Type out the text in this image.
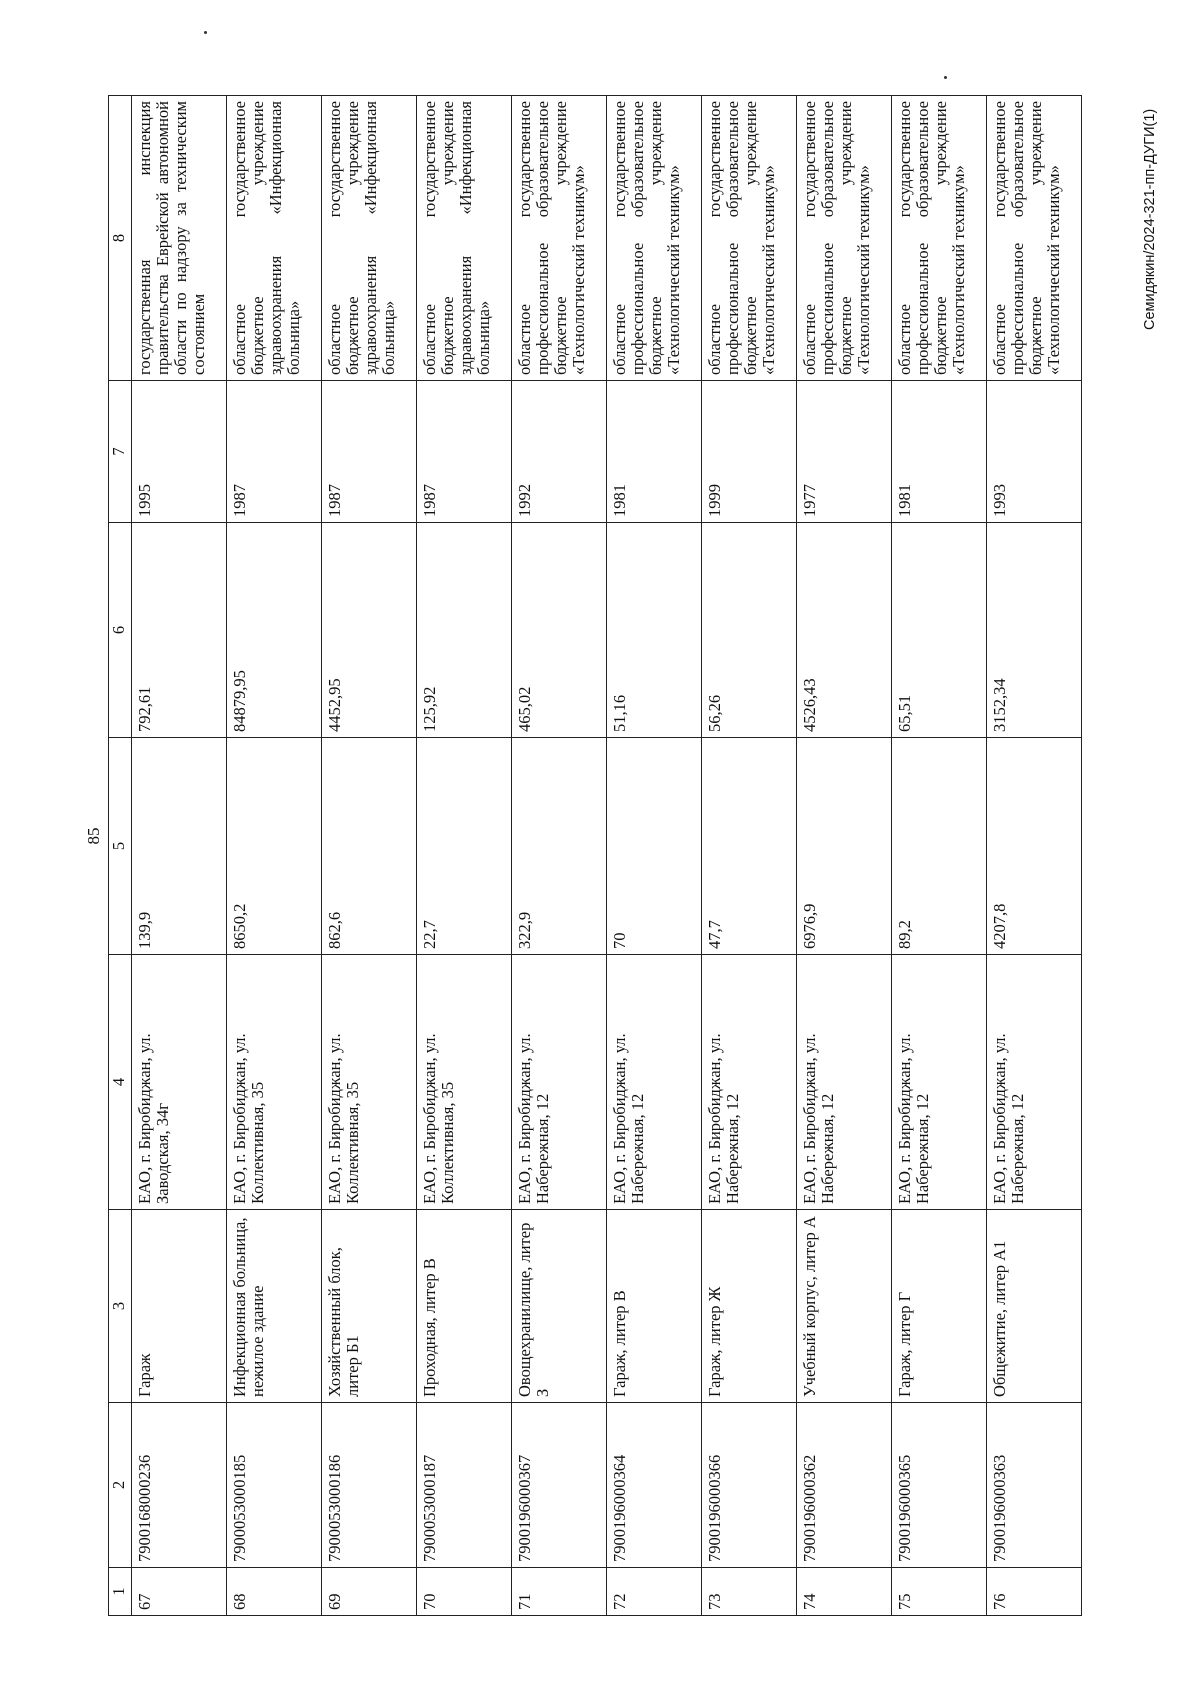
85
1	2	3	4	5	6	7	8
67	7900168000236	Гараж	ЕАО, г. Биробиджан, ул. Заводская, 34г	139,9	792,61	1995	государственная инспекция правительства Еврейской автономной области по надзору за техническим состоянием
68	7900053000185	Инфекционная больница, нежилое здание	ЕАО, г. Биробиджан, ул. Коллективная, 35	8650,2	84879,95	1987	областное государственное бюджетное учреждение здравоохранения «Инфекционная больница»
69	7900053000186	Хозяйственный блок, литер Б1	ЕАО, г. Биробиджан, ул. Коллективная, 35	862,6	4452,95	1987	областное государственное бюджетное учреждение здравоохранения «Инфекционная больница»
70	7900053000187	Проходная, литер В	ЕАО, г. Биробиджан, ул. Коллективная, 35	22,7	125,92	1987	областное государственное бюджетное учреждение здравоохранения «Инфекционная больница»
71	7900196000367	Овощехранилище, литер З	ЕАО, г. Биробиджан, ул. Набережная, 12	322,9	465,02	1992	областное государственное профессиональное образовательное бюджетное учреждение «Технологический техникум»
72	7900196000364	Гараж, литер В	ЕАО, г. Биробиджан, ул. Набережная, 12	70	51,16	1981	областное государственное профессиональное образовательное бюджетное учреждение «Технологический техникум»
73	7900196000366	Гараж, литер Ж	ЕАО, г. Биробиджан, ул. Набережная, 12	47,7	56,26	1999	областное государственное профессиональное образовательное бюджетное учреждение «Технологический техникум»
74	7900196000362	Учебный корпус, литер А	ЕАО, г. Биробиджан, ул. Набережная, 12	6976,9	4526,43	1977	областное государственное профессиональное образовательное бюджетное учреждение «Технологический техникум»
75	7900196000365	Гараж, литер Г	ЕАО, г. Биробиджан, ул. Набережная, 12	89,2	65,51	1981	областное государственное профессиональное образовательное бюджетное учреждение «Технологический техникум»
76	7900196000363	Общежитие, литер А1	ЕАО, г. Биробиджан, ул. Набережная, 12	4207,8	3152,34	1993	областное государственное профессиональное образовательное бюджетное учреждение «Технологический техникум»	Семидякин/2024-321-пп-ДУГИ(1)
